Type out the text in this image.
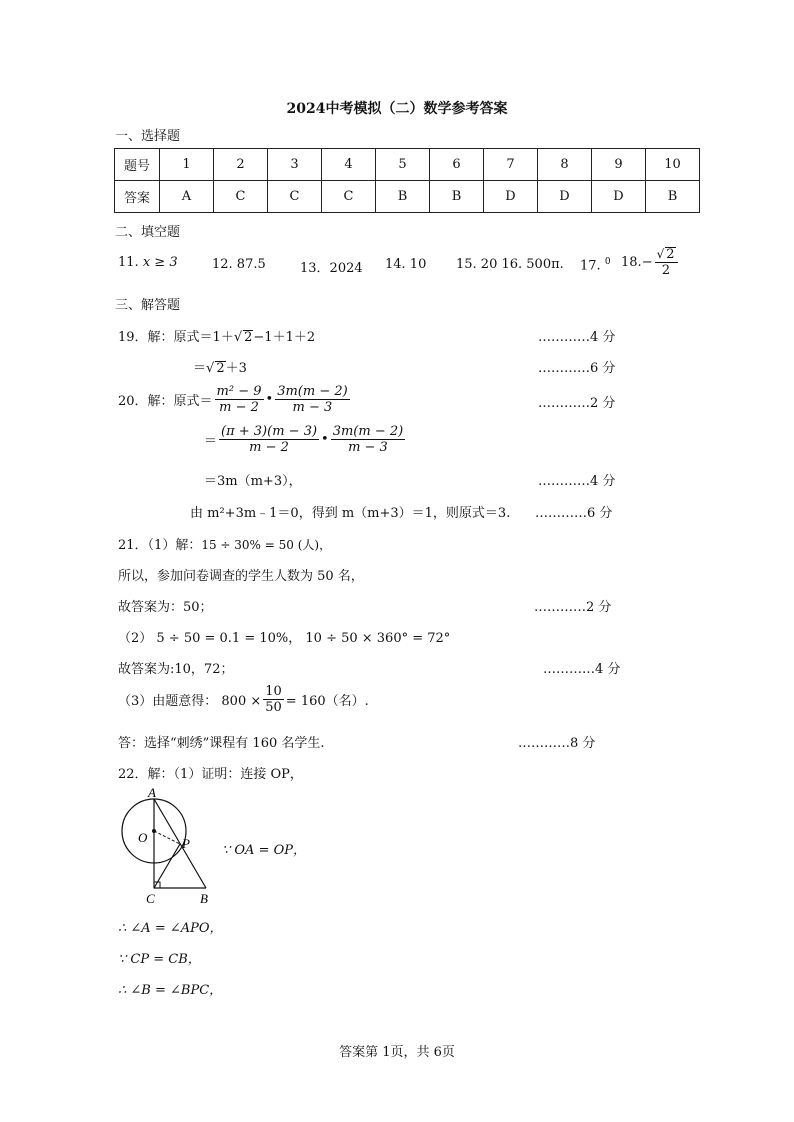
2024中考模拟（二）数学参考答案
一、选择题
题号	1	2	3	4	5	6	7	8	9	10
答案	A	C	C	C	B	B	D	D	D	B
二、填空题
11. x ≥ 3	12. 87.5	13．2024 14. 10 15. 20 16. 500π. 17. $^0$ $18.- \frac{√ 2}{2}$
三、解答题
19．解：原式＝1＋√ 2−1＋1＋2	…………4 分
＝√ 2＋3	…………6 分
20．解：原式＝ $\frac{\text{m² − 9}}{m - 2}$ • $\frac{3m(m - 2)}{m - 3}$	…………2 分
＝ $\frac{(\pi + 3)(m - 3)}{m - 2}$ • $\frac{3m(m - 2)}{m - 3}$
＝3m（m+3），	…………4 分
由 m²+3m﹣1＝0，得到 m（m+3）＝1，则原式＝3. …………6 分
21．（1）解：15 ÷ 30% = 50 (人)，
所以，参加问卷调查的学生人数为 50 名，
故答案为：50；	…………2 分
（2） 5 ÷ 50 = 0.1 = 10%， 10 ÷ 50 × 360° = 72°
故答案为:10，72；	…………4 分
（3）由题意得： $800 \times \frac{10}{50} = 160$（名）.
答：选择“刺绣”课程有 160 名学生.	…………8 分
22．解：（1）证明：连接 OP，
A
O	P
C	B
∵ OA = OP，
∴ ∠A = ∠APO，
∵ CP = CB，
∴ ∠B = ∠BPC，
答案第 1页，共 6页
